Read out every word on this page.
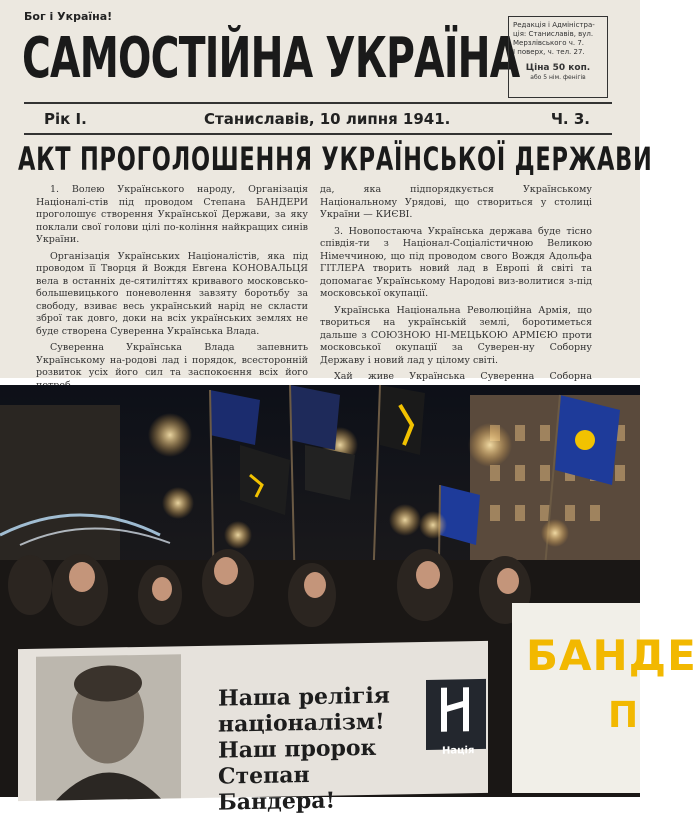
Бог і Україна!
САМОСТІЙНА УКРАЇНА
Редакція і Адміністра-
ція: Станиславів, вул.
Мерзлівського ч. 7.
І поверх, ч. тел. 27.
Ціна 50 коп.
або 5 нім. фенігів
Рік І.	Станиславів, 10 липня 1941.	Ч. 3.
АКТ ПРОГОЛОШЕННЯ УКРАЇНСЬКОЇ ДЕРЖАВИ

1. Волею Українського народу, Організація Націоналі-стів під проводом Степана БАНДЕРИ проголошує створення Української Держави, за яку поклали свої голови цілі по-коління найкращих синів України.

Організація Українських Націоналістів, яка під проводом її Творця й Вождя Евгена КОНОВАЛЬЦЯ вела в останніх де-сятиліттях кривавого московсько-большевицького поневолення завзяту боротьбу за свободу, взиває весь український нарід не скласти зброї так довго, доки на всіх українських землях не буде створена Суверенна Українська Влада.

Суверенна Українська Влада запевнить Українському на-родові лад і порядок, всесторонній розвиток усіх його сил та заспокоєння всіх його

да, яка підпорядкується Українському Національному Урядові, що створиться у столиці України — КИЄВІ.

3. Новопостаюча Українська держава буде тісно співдія-ти з Націонал-Соціалістичною Великою Німеччиною, що під проводом свого Вождя Адольфа ГІТЛЕРА творить новий лад в Европі й світі та допомагає Українському Народові виз-волитися з-під московської окупації.

Українська Національна Революційна Армія, що твориться на українській землі, боротиметься дальше з СОЮЗНОЮ НІ-МЕЦЬКОЮ АРМІЄЮ проти московської окупації за Суверен-ну Соборну Державу і новий лад у цілому світі.

Хай живе Українська Суверенна Соборна

Наша релігія
націоналізм!
Наш пророк
Степан Бандера!
Нація
БАНДЕ
П
